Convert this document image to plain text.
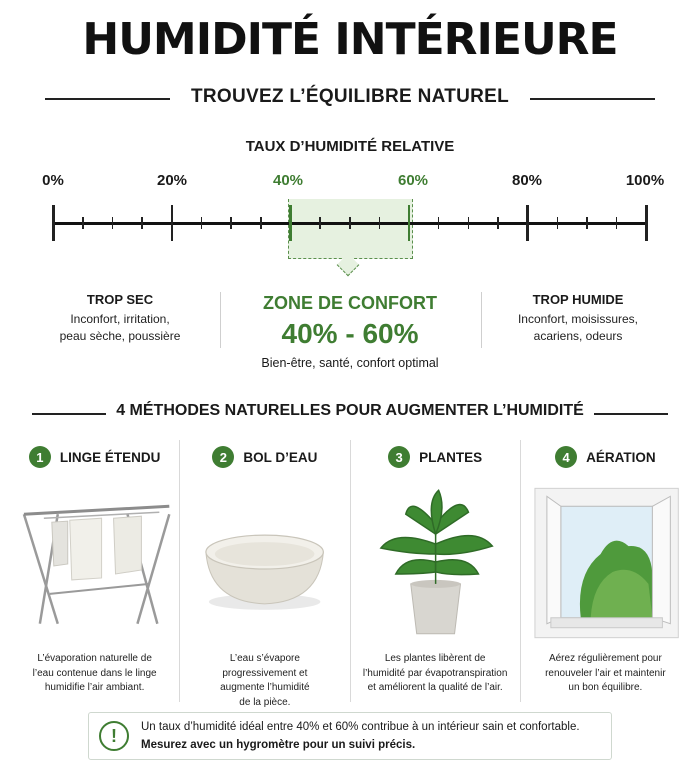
HUMIDITÉ INTÉRIEURE
TROUVEZ L’ÉQUILIBRE NATUREL
TAUX D’HUMIDITÉ RELATIVE
0%	20%	40%	60%	80%	100%
TROP SEC
Inconfort, irritation,
peau sèche, poussière
ZONE DE CONFORT
40% - 60%
Bien-être, santé, confort optimal
TROP HUMIDE
Inconfort, moisissures,
acariens, odeurs
4 MÉTHODES NATURELLES POUR AUGMENTER L’HUMIDITÉ
1	LINGE ÉTENDU
L’évaporation naturelle de
l’eau contenue dans le linge
humidifie l’air ambiant.
2	BOL D’EAU
L’eau s’évapore
progressivement et
augmente l’humidité
de la pièce.
3	PLANTES
Les plantes libèrent de
l’humidité par évapotranspiration
et améliorent la qualité de l’air.
4	AÉRATION
Aérez régulièrement pour
renouveler l’air et maintenir
un bon équilibre.
!	Un taux d’humidité idéal entre 40% et 60% contribue à un intérieur sain et confortable.
Mesurez avec un hygromètre pour un suivi précis.
